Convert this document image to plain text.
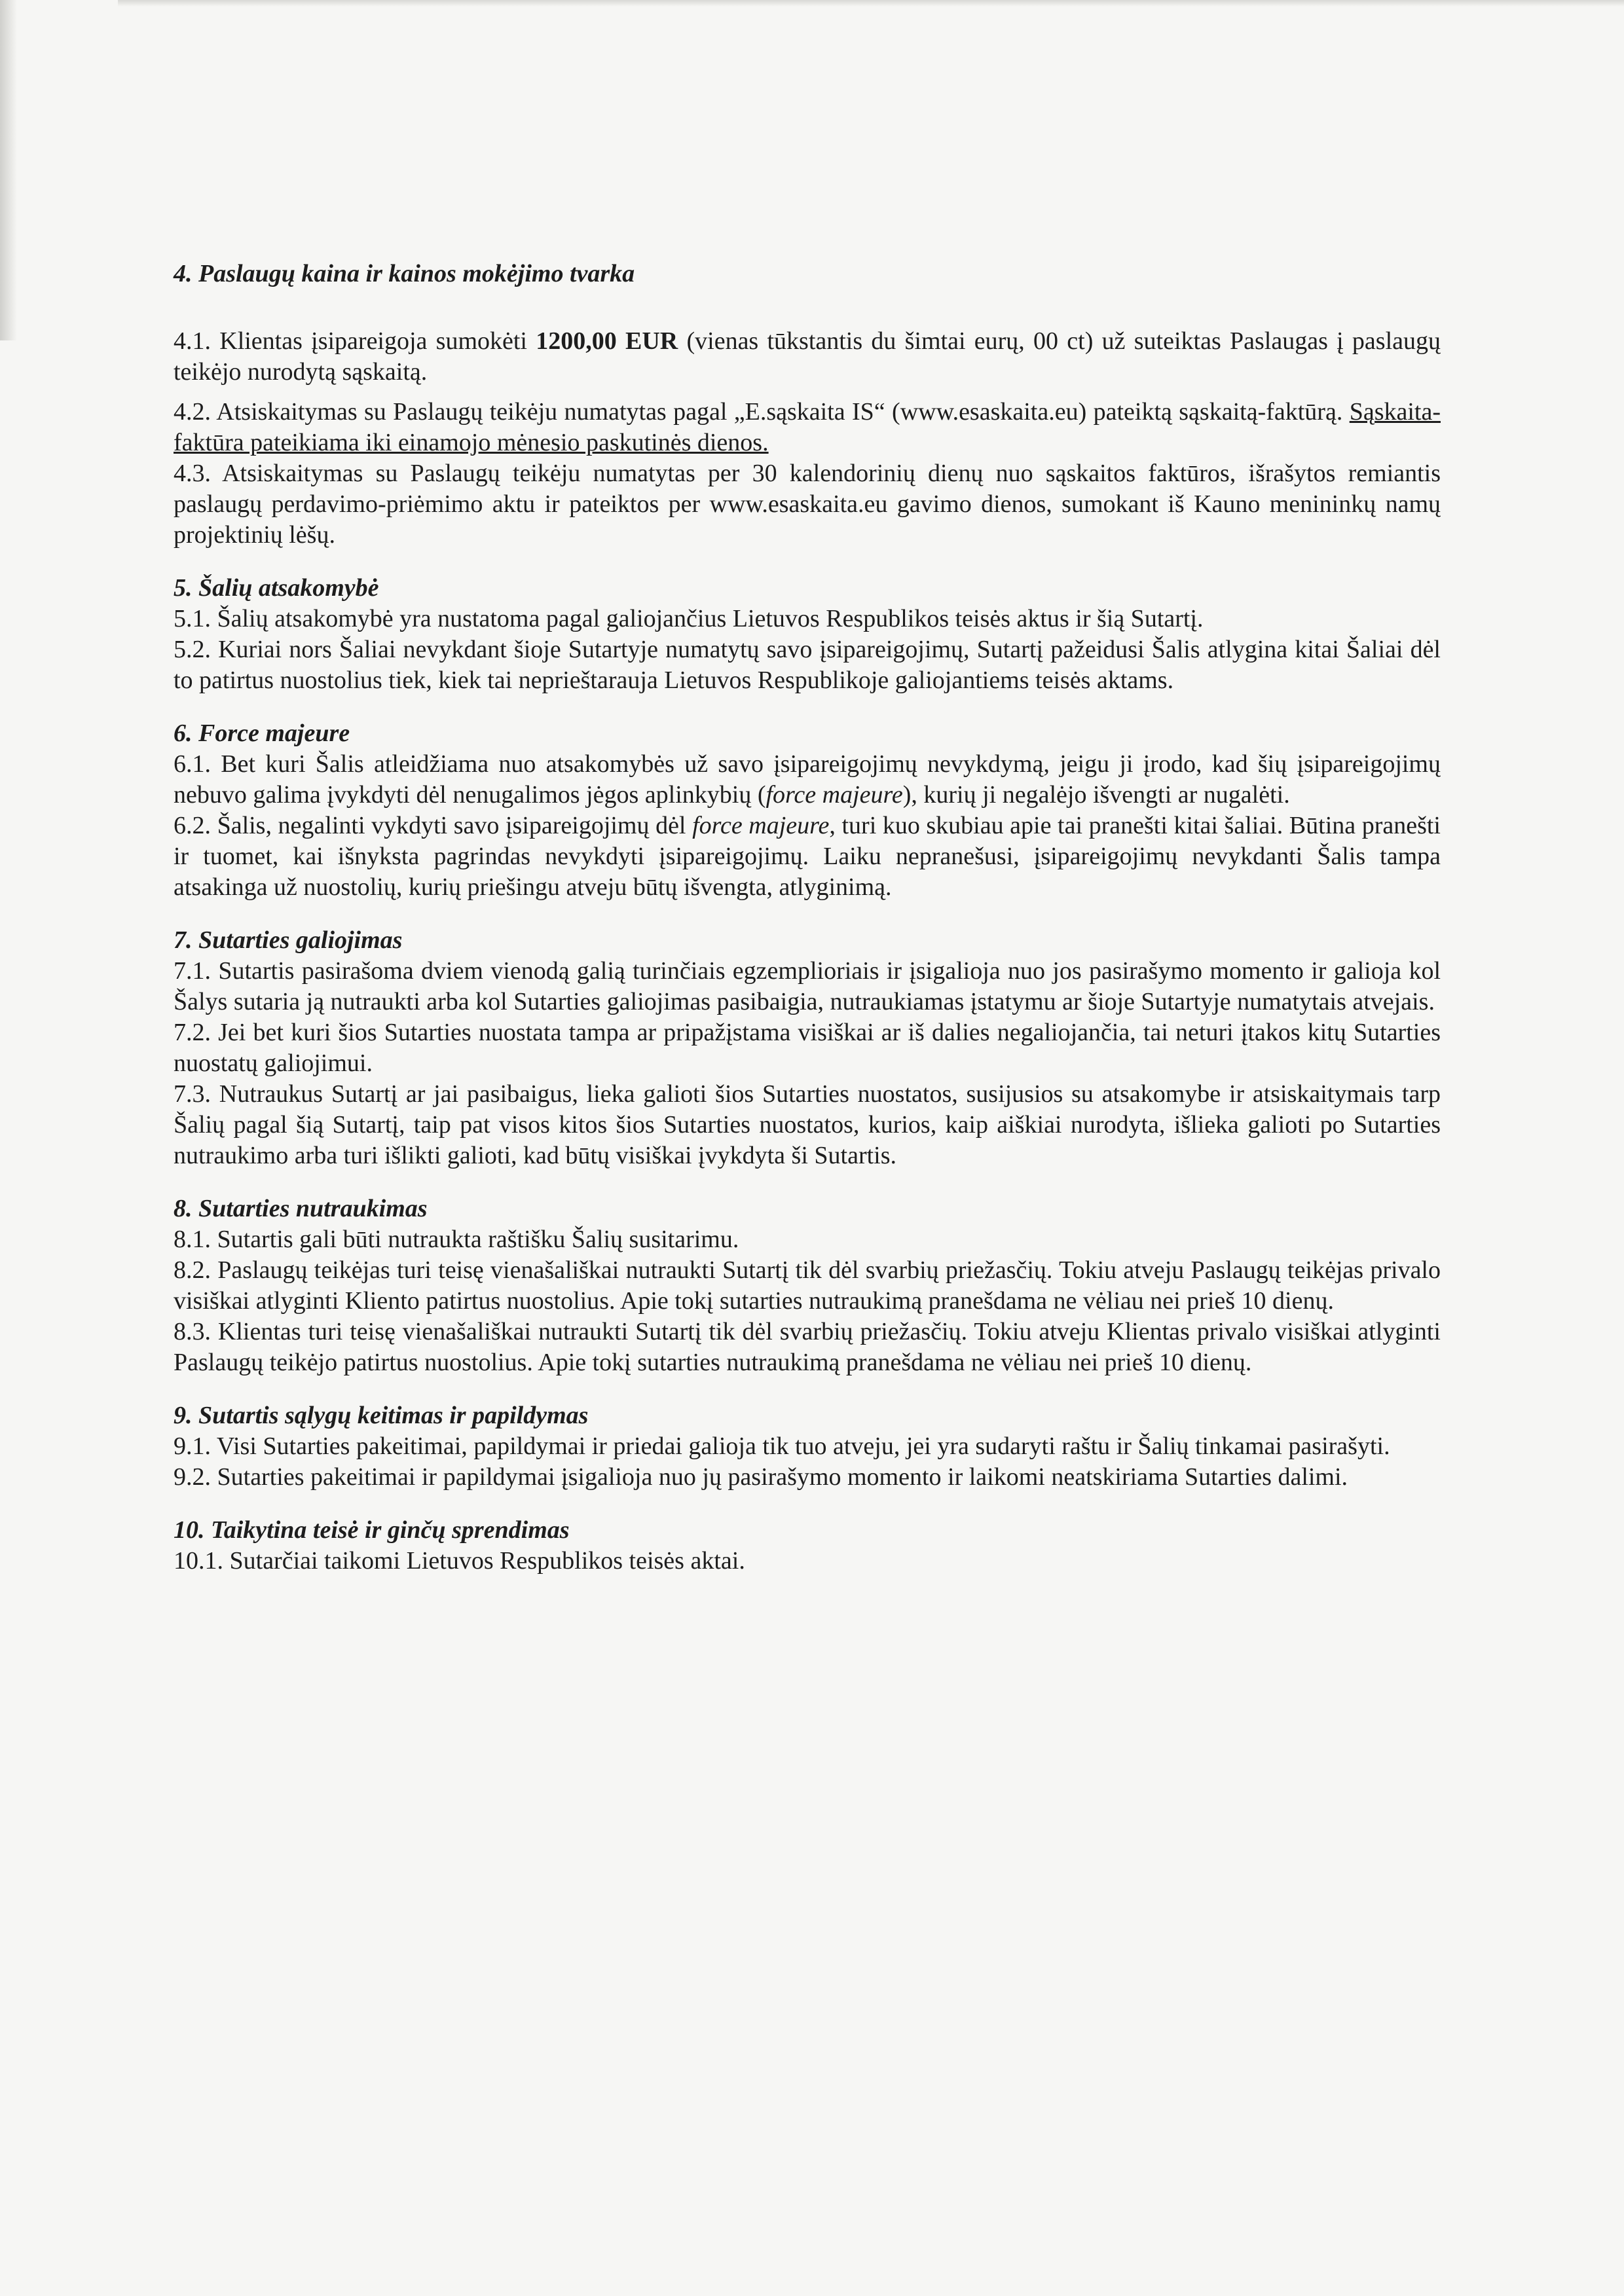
4. Paslaugų kaina ir kainos mokėjimo tvarka

4.1. Klientas įsipareigoja sumokėti 1200,00 EUR (vienas tūkstantis du šimtai eurų, 00 ct) už suteiktas Paslaugas į paslaugų teikėjo nurodytą sąskaitą.

4.2. Atsiskaitymas su Paslaugų teikėju numatytas pagal „E.sąskaita IS“ (www.esaskaita.eu) pateiktą sąskaitą-faktūrą. Sąskaita-faktūra pateikiama iki einamojo mėnesio paskutinės dienos.

4.3. Atsiskaitymas su Paslaugų teikėju numatytas per 30 kalendorinių dienų nuo sąskaitos faktūros, išrašytos remiantis paslaugų perdavimo-priėmimo aktu ir pateiktos per www.esaskaita.eu gavimo dienos, sumokant iš Kauno menininkų namų projektinių lėšų.

5. Šalių atsakomybė

5.1. Šalių atsakomybė yra nustatoma pagal galiojančius Lietuvos Respublikos teisės aktus ir šią Sutartį.

5.2. Kuriai nors Šaliai nevykdant šioje Sutartyje numatytų savo įsipareigojimų, Sutartį pažeidusi Šalis atlygina kitai Šaliai dėl to patirtus nuostolius tiek, kiek tai neprieštarauja Lietuvos Respublikoje galiojantiems teisės aktams.

6. Force majeure

6.1. Bet kuri Šalis atleidžiama nuo atsakomybės už savo įsipareigojimų nevykdymą, jeigu ji įrodo, kad šių įsipareigojimų nebuvo galima įvykdyti dėl nenugalimos jėgos aplinkybių (force majeure), kurių ji negalėjo išvengti ar nugalėti.

6.2. Šalis, negalinti vykdyti savo įsipareigojimų dėl force majeure, turi kuo skubiau apie tai pranešti kitai šaliai. Būtina pranešti ir tuomet, kai išnyksta pagrindas nevykdyti įsipareigojimų. Laiku nepranešusi, įsipareigojimų nevykdanti Šalis tampa atsakinga už nuostolių, kurių priešingu atveju būtų išvengta, atlyginimą.

7. Sutarties galiojimas

7.1. Sutartis pasirašoma dviem vienodą galią turinčiais egzemplioriais ir įsigalioja nuo jos pasirašymo momento ir galioja kol Šalys sutaria ją nutraukti arba kol Sutarties galiojimas pasibaigia, nutraukiamas įstatymu ar šioje Sutartyje numatytais atvejais.

7.2. Jei bet kuri šios Sutarties nuostata tampa ar pripažįstama visiškai ar iš dalies negaliojančia, tai neturi įtakos kitų Sutarties nuostatų galiojimui.

7.3. Nutraukus Sutartį ar jai pasibaigus, lieka galioti šios Sutarties nuostatos, susijusios su atsakomybe ir atsiskaitymais tarp Šalių pagal šią Sutartį, taip pat visos kitos šios Sutarties nuostatos, kurios, kaip aiškiai nurodyta, išlieka galioti po Sutarties nutraukimo arba turi išlikti galioti, kad būtų visiškai įvykdyta ši Sutartis.

8. Sutarties nutraukimas

8.1. Sutartis gali būti nutraukta raštišku Šalių susitarimu.

8.2. Paslaugų teikėjas turi teisę vienašališkai nutraukti Sutartį tik dėl svarbių priežasčių. Tokiu atveju Paslaugų teikėjas privalo visiškai atlyginti Kliento patirtus nuostolius. Apie tokį sutarties nutraukimą pranešdama ne vėliau nei prieš 10 dienų.

8.3. Klientas turi teisę vienašališkai nutraukti Sutartį tik dėl svarbių priežasčių. Tokiu atveju Klientas privalo visiškai atlyginti Paslaugų teikėjo patirtus nuostolius. Apie tokį sutarties nutraukimą pranešdama ne vėliau nei prieš 10 dienų.

9. Sutartis sąlygų keitimas ir papildymas

9.1. Visi Sutarties pakeitimai, papildymai ir priedai galioja tik tuo atveju, jei yra sudaryti raštu ir Šalių tinkamai pasirašyti.

9.2. Sutarties pakeitimai ir papildymai įsigalioja nuo jų pasirašymo momento ir laikomi neatskiriama Sutarties dalimi.

10. Taikytina teisė ir ginčų sprendimas

10.1. Sutarčiai taikomi Lietuvos Respublikos teisės aktai.
